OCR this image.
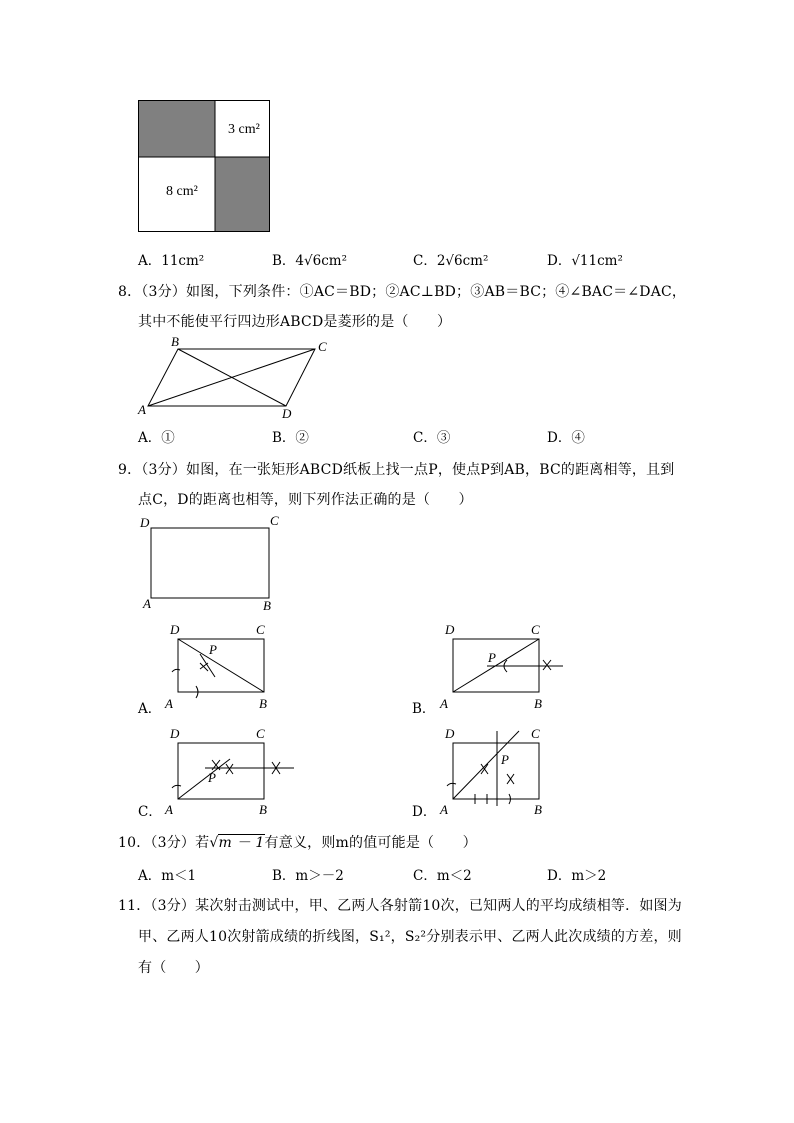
3 cm²
8 cm²
A．11cm²	B．4√6cm²	C．2√6cm²	D．√11cm²
8．（3分）如图，下列条件：①AC＝BD；②AC⊥BD；③AB＝BC；④∠BAC＝∠DAC，
其中不能使平行四边形ABCD是菱形的是（　　）
B	C
A	D
A．①	B．②	C．③	D．④
9．（3分）如图，在一张矩形ABCD纸板上找一点P，使点P到AB，BC的距离相等，且到
点C，D的距离也相等，则下列作法正确的是（　　）
D	C
A	B
D	C
P
A	B
A．
D	C
P
A	B
B．
D	C
P
A	B
C．
D	C
P
A	B
D．
10．（3分）若√m － 1有意义，则m的值可能是（　　）
A．m＜1	B．m＞－2	C．m＜2	D．m＞2
11．（3分）某次射击测试中，甲、乙两人各射箭10次，已知两人的平均成绩相等．如图为
甲、乙两人10次射箭成绩的折线图，S₁²，S₂²分别表示甲、乙两人此次成绩的方差，则
有（　　）
